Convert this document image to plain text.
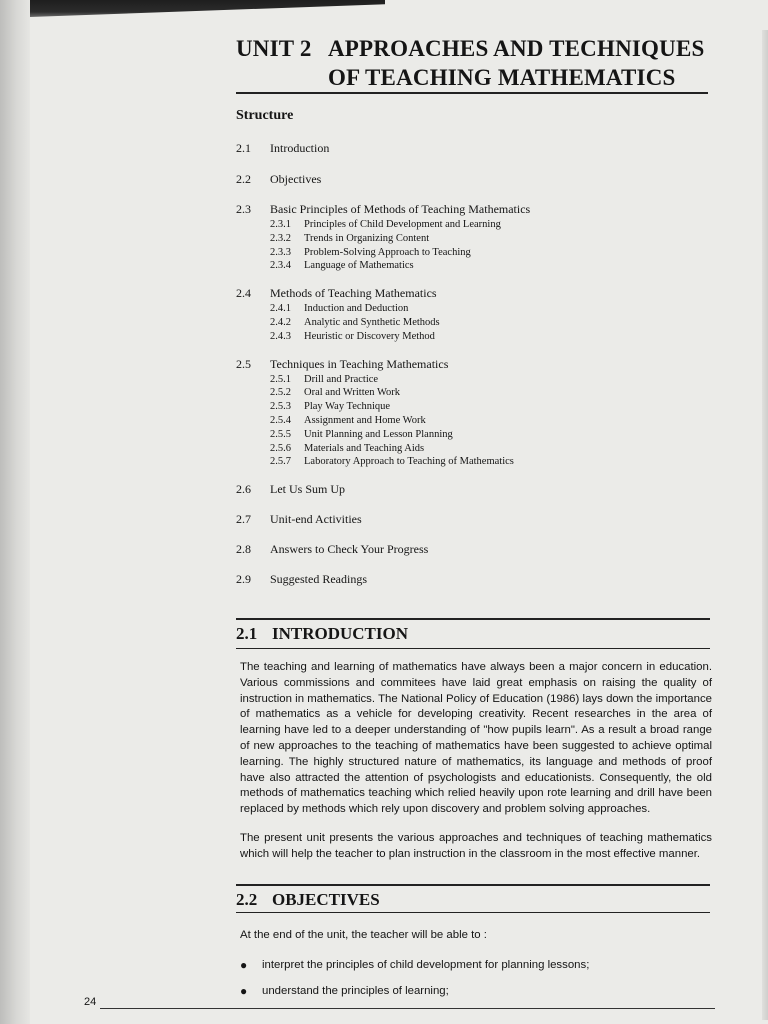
UNIT 2 APPROACHES AND TECHNIQUES
OF TEACHING MATHEMATICS
Structure
2.1	Introduction
2.2	Objectives
2.3	Basic Principles of Methods of Teaching Mathematics
2.3.1	Principles of Child Development and Learning
2.3.2	Trends in Organizing Content
2.3.3	Problem-Solving Approach to Teaching
2.3.4	Language of Mathematics
2.4	Methods of Teaching Mathematics
2.4.1	Induction and Deduction
2.4.2	Analytic and Synthetic Methods
2.4.3	Heuristic or Discovery Method
2.5	Techniques in Teaching Mathematics
2.5.1	Drill and Practice
2.5.2	Oral and Written Work
2.5.3	Play Way Technique
2.5.4	Assignment and Home Work
2.5.5	Unit Planning and Lesson Planning
2.5.6	Materials and Teaching Aids
2.5.7	Laboratory Approach to Teaching of Mathematics
2.6	Let Us Sum Up
2.7	Unit-end Activities
2.8	Answers to Check Your Progress
2.9	Suggested Readings
2.1 INTRODUCTION

The teaching and learning of mathematics have always been a major concern in education. Various commissions and commitees have laid great emphasis on raising the quality of instruction in mathematics. The National Policy of Education (1986) lays down the importance of mathematics as a vehicle for developing creativity. Recent researches in the area of learning have led to a deeper understanding of "how pupils learn". As a result a broad range of new approaches to the teaching of mathematics have been suggested to achieve optimal learning. The highly structured nature of mathematics, its language and methods of proof have also attracted the attention of psychologists and educationists. Consequently, the old methods of mathematics teaching which relied heavily upon rote learning and drill have been replaced by methods which rely upon discovery and problem solving approaches.

The present unit presents the various approaches and techniques of teaching mathematics which will help the teacher to plan instruction in the classroom in the most effective manner.

2.2 OBJECTIVES

At the end of the unit, the teacher will be able to :

●	interpret the principles of child development for planning lessons;
●	understand the principles of learning;
24
